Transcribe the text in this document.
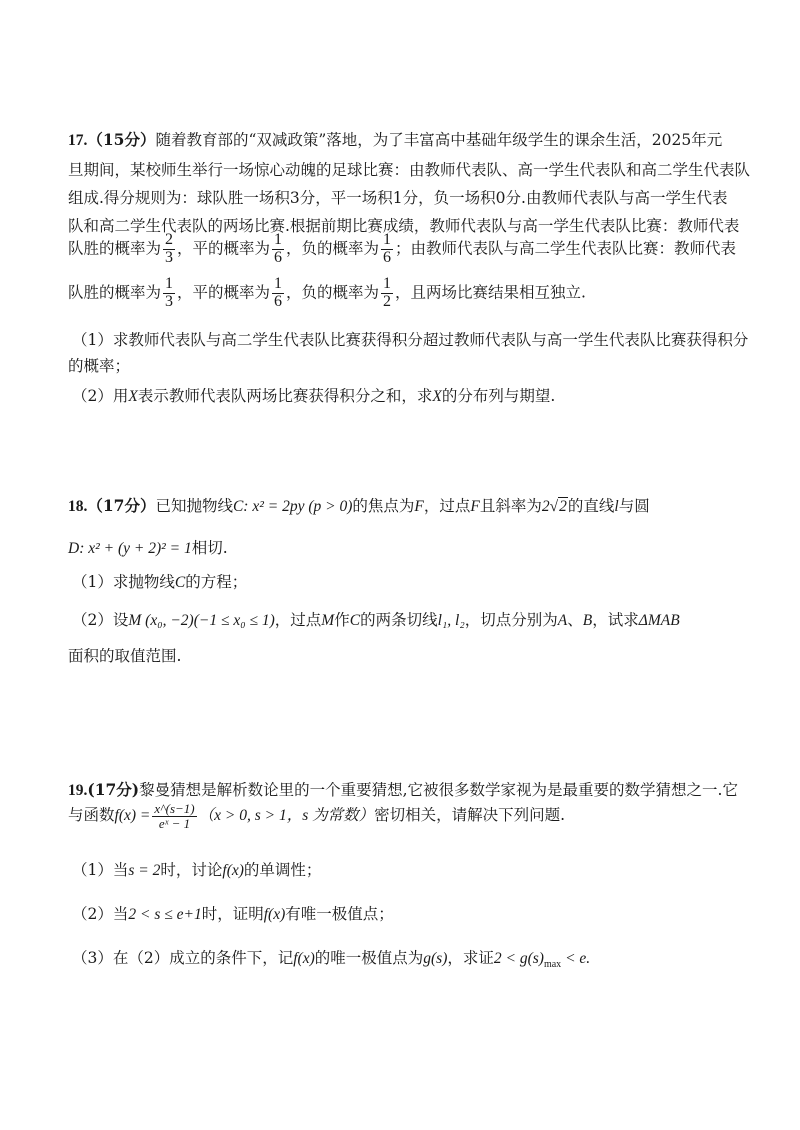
17.（15分）随着教育部的“双减政策”落地，为了丰富高中基础年级学生的课余生活，2025年元
旦期间，某校师生举行一场惊心动魄的足球比赛：由教师代表队、高一学生代表队和高二学生代表队
组成.得分规则为：球队胜一场积3分，平一场积1分，负一场积0分.由教师代表队与高一学生代表
队和高二学生代表队的两场比赛.根据前期比赛成绩，教师代表队与高一学生代表队比赛：教师代表
队胜的概率为 $\frac{2}{3}$ ，平的概率为 $\frac{1}{6}$ ，负的概率为 $\frac{1}{6}$ ；由教师代表队与高二学生代表队比赛：教师代表
队胜的概率为 $\frac{1}{3}$ ，平的概率为 $\frac{1}{6}$ ，负的概率为 $\frac{1}{2}$ ，且两场比赛结果相互独立.
（1）求教师代表队与高二学生代表队比赛获得积分超过教师代表队与高一学生代表队比赛获得积分
的概率；
（2）用X表示教师代表队两场比赛获得积分之和，求X的分布列与期望.
18.（17分）已知抛物线C: x² = 2py (p > 0)的焦点为F，过点F且斜率为2√2的直线l与圆
D: x² + (y + 2)² = 1相切.
（1）求抛物线C的方程；
（2）设M (x₀, −2)(−1 ≤ x₀ ≤ 1)，过点M作C的两条切线l₁, l₂，切点分别为A、B，试求ΔMAB
面积的取值范围.
19.(17分)黎曼猜想是解析数论里的一个重要猜想,它被很多数学家视为是最重要的数学猜想之一.它
与函数$f(x) = \frac{x\^{}(s-1)}{\text{eˣ − 1}} (x > 0$, s > 1，s 为常数）密切相关，请解决下列问题.
（1）当s = 2时，讨论f(x)的单调性；
（2）当2 < s ≤ e+1时，证明f(x)有唯一极值点；
（3）在（2）成立的条件下，记f(x)的唯一极值点为g(s)，求证$2 < g(s)_{max} < e$.
